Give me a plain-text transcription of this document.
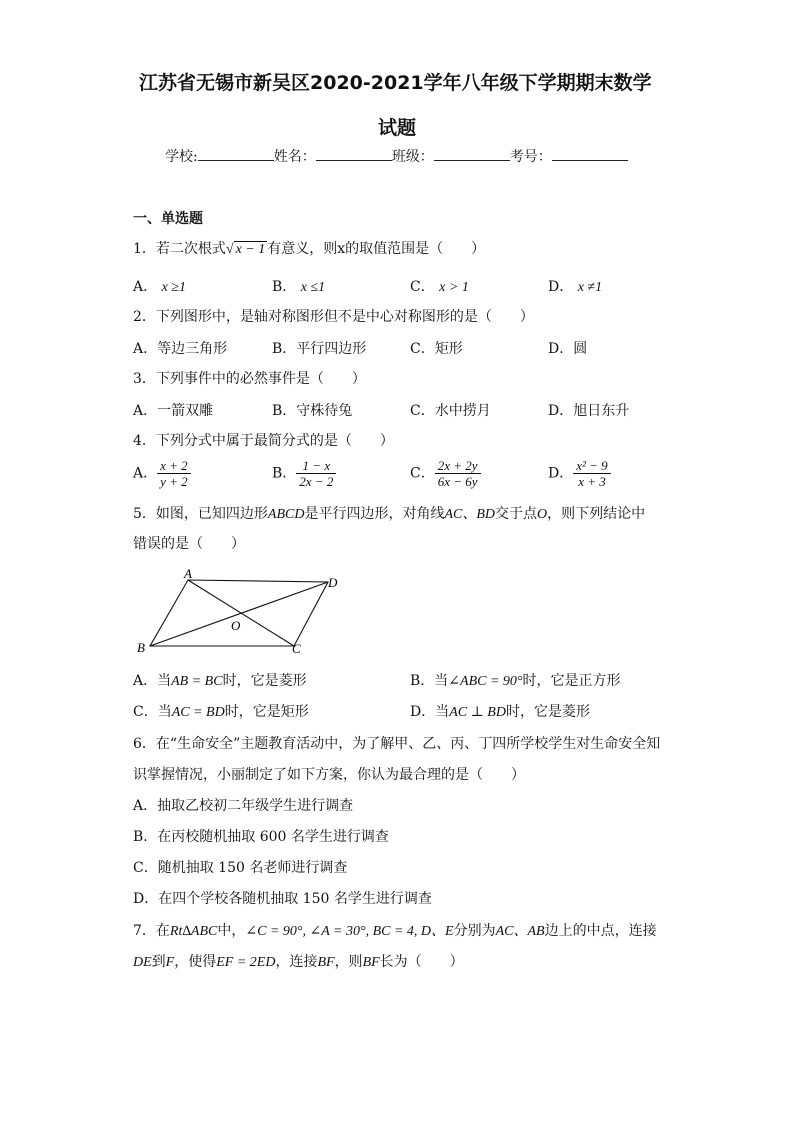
江苏省无锡市新吴区2020-2021学年八年级下学期期末数学
试题
学校:	姓名：	班级：	考号：
一、单选题
1．若二次根式√ x − 1 有意义，则x的取值范围是（　　）
A． x ≥1	B． x ≤1	C． x > 1	D． x ≠1
2．下列图形中，是轴对称图形但不是中心对称图形的是（　　）
A．等边三角形	B．平行四边形	C．矩形	D．圆
3．下列事件中的必然事件是（　　）
A．一箭双雕	B．守株待兔	C．水中捞月	D．旭日东升
4．下列分式中属于最简分式的是（　　）
A． $\frac{x + 2}{y + 2}$	B． $\frac{1 - x}{2x - 2}$	C． $\frac{2x + 2y}{6x - 6y}$	D． $\frac{\text{x² − 9}}{x + 3}$
5．如图，已知四边形ABCD是平行四边形，对角线AC、BD交于点O，则下列结论中
错误的是（　　）
A
D
B	C
O
A．当AB = BC时，它是菱形	B．当∠ABC = 90°时，它是正方形
C．当AC = BD时，它是矩形	D．当AC ⊥ BD时，它是菱形
6．在“生命安全”主题教育活动中，为了解甲、乙、丙、丁四所学校学生对生命安全知
识掌握情况，小丽制定了如下方案，你认为最合理的是（　　）
A．抽取乙校初二年级学生进行调查
B．在丙校随机抽取 600 名学生进行调查
C．随机抽取 150 名老师进行调查
D．在四个学校各随机抽取 150 名学生进行调查
7．在Rt∆ABC中，∠C = 90°, ∠A = 30°, BC = 4, D、E分别为AC、AB边上的中点，连接
DE到F，使得EF = 2ED，连接BF，则BF长为（　　）
